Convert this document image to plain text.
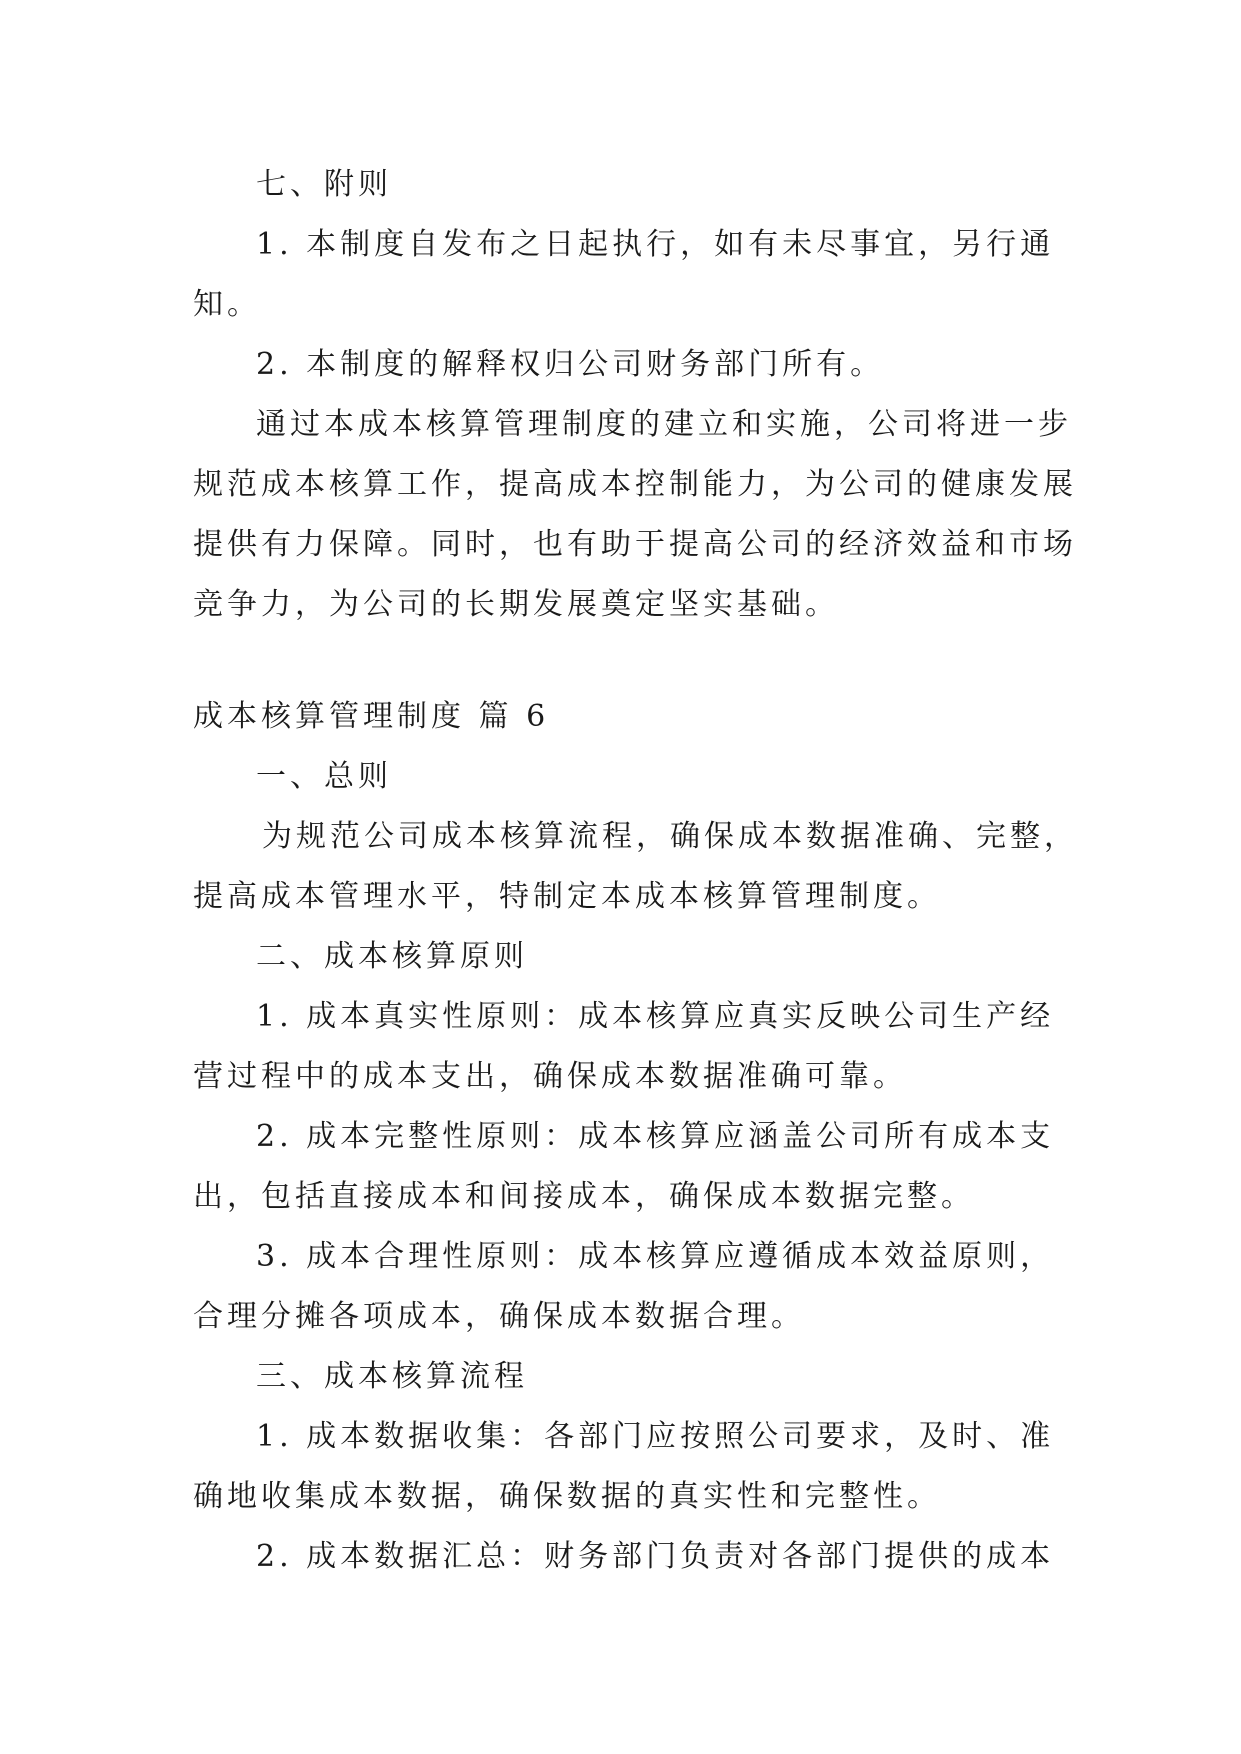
七、附则
1. 本制度自发布之日起执行，如有未尽事宜，另行通
知。
2. 本制度的解释权归公司财务部门所有。
通过本成本核算管理制度的建立和实施，公司将进一步
规范成本核算工作，提高成本控制能力，为公司的健康发展
提供有力保障。同时，也有助于提高公司的经济效益和市场
竞争力，为公司的长期发展奠定坚实基础。
成本核算管理制度 篇 6
一、总则
为规范公司成本核算流程，确保成本数据准确、完整，
提高成本管理水平，特制定本成本核算管理制度。
二、成本核算原则
1. 成本真实性原则：成本核算应真实反映公司生产经
营过程中的成本支出，确保成本数据准确可靠。
2. 成本完整性原则：成本核算应涵盖公司所有成本支
出，包括直接成本和间接成本，确保成本数据完整。
3. 成本合理性原则：成本核算应遵循成本效益原则，
合理分摊各项成本，确保成本数据合理。
三、成本核算流程
1. 成本数据收集：各部门应按照公司要求，及时、准
确地收集成本数据，确保数据的真实性和完整性。
2. 成本数据汇总：财务部门负责对各部门提供的成本
